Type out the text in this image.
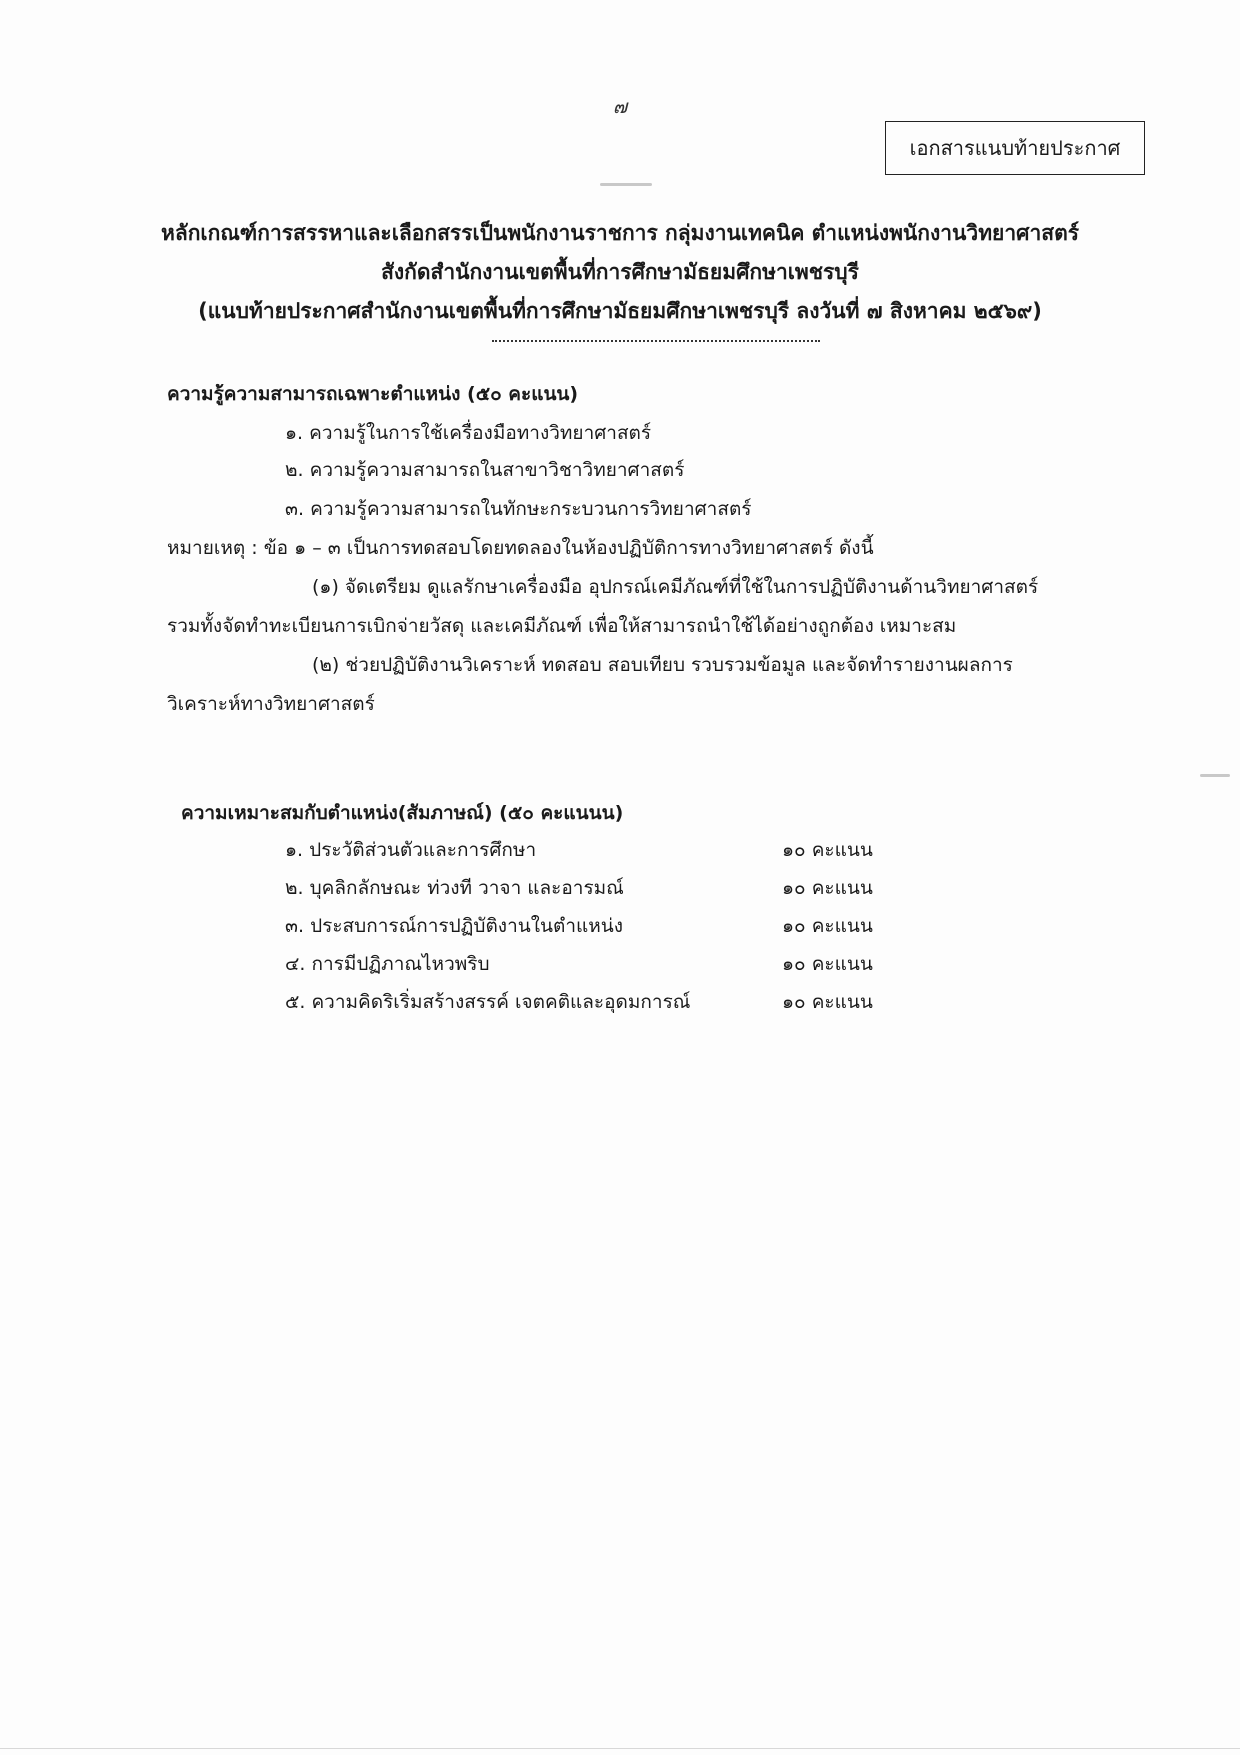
๗
เอกสารแนบท้ายประกาศ
หลักเกณฑ์การสรรหาและเลือกสรรเป็นพนักงานราชการ กลุ่มงานเทคนิค ตำแหน่งพนักงานวิทยาศาสตร์
สังกัดสำนักงานเขตพื้นที่การศึกษามัธยมศึกษาเพชรบุรี
(แนบท้ายประกาศสำนักงานเขตพื้นที่การศึกษามัธยมศึกษาเพชรบุรี ลงวันที่ ๗ สิงหาคม ๒๕๖๙)
ความรู้ความสามารถเฉพาะตำแหน่ง (๕๐ คะแนน)
๑. ความรู้ในการใช้เครื่องมือทางวิทยาศาสตร์
๒. ความรู้ความสามารถในสาขาวิชาวิทยาศาสตร์
๓. ความรู้ความสามารถในทักษะกระบวนการวิทยาศาสตร์
หมายเหตุ : ข้อ ๑ – ๓ เป็นการทดสอบโดยทดลองในห้องปฏิบัติการทางวิทยาศาสตร์ ดังนี้
(๑) จัดเตรียม ดูแลรักษาเครื่องมือ อุปกรณ์เคมีภัณฑ์ที่ใช้ในการปฏิบัติงานด้านวิทยาศาสตร์
รวมทั้งจัดทำทะเบียนการเบิกจ่ายวัสดุ และเคมีภัณฑ์ เพื่อให้สามารถนำใช้ได้อย่างถูกต้อง เหมาะสม
(๒) ช่วยปฏิบัติงานวิเคราะห์ ทดสอบ สอบเทียบ รวบรวมข้อมูล และจัดทำรายงานผลการ
วิเคราะห์ทางวิทยาศาสตร์
ความเหมาะสมกับตำแหน่ง(สัมภาษณ์) (๕๐ คะแนนน)
๑. ประวัติส่วนตัวและการศึกษา	๑๐ คะแนน
๒. บุคลิกลักษณะ ท่วงที วาจา และอารมณ์	๑๐ คะแนน
๓. ประสบการณ์การปฏิบัติงานในตำแหน่ง	๑๐ คะแนน
๔. การมีปฏิภาณไหวพริบ	๑๐ คะแนน
๕. ความคิดริเริ่มสร้างสรรค์ เจตคติและอุดมการณ์	๑๐ คะแนน
